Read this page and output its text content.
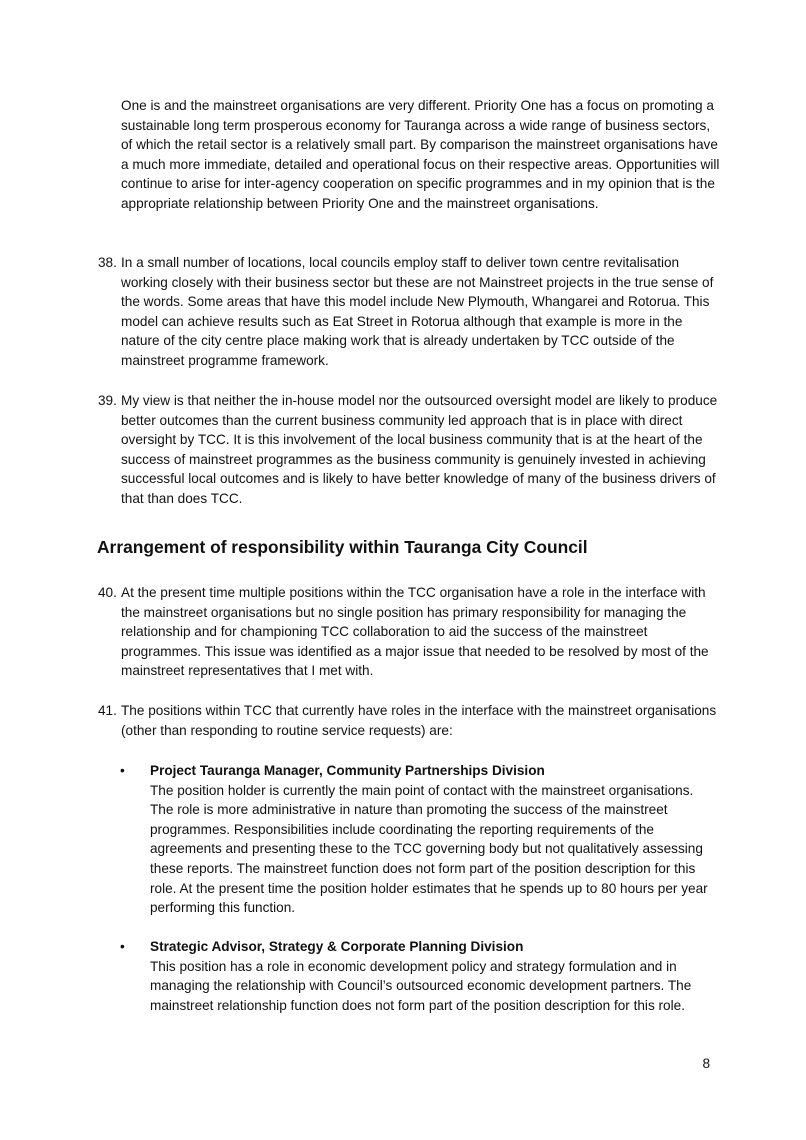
One is and the mainstreet organisations are very different. Priority One has a focus on promoting a sustainable long term prosperous economy for Tauranga across a wide range of business sectors, of which the retail sector is a relatively small part. By comparison the mainstreet organisations have a much more immediate, detailed and operational focus on their respective areas. Opportunities will continue to arise for inter-agency cooperation on specific programmes and in my opinion that is the appropriate relationship between Priority One and the mainstreet organisations.
38. In a small number of locations, local councils employ staff to deliver town centre revitalisation working closely with their business sector but these are not Mainstreet projects in the true sense of the words. Some areas that have this model include New Plymouth, Whangarei and Rotorua. This model can achieve results such as Eat Street in Rotorua although that example is more in the nature of the city centre place making work that is already undertaken by TCC outside of the mainstreet programme framework.
39. My view is that neither the in-house model nor the outsourced oversight model are likely to produce better outcomes than the current business community led approach that is in place with direct oversight by TCC. It is this involvement of the local business community that is at the heart of the success of mainstreet programmes as the business community is genuinely invested in achieving successful local outcomes and is likely to have better knowledge of many of the business drivers of that than does TCC.
Arrangement of responsibility within Tauranga City Council
40. At the present time multiple positions within the TCC organisation have a role in the interface with the mainstreet organisations but no single position has primary responsibility for managing the relationship and for championing TCC collaboration to aid the success of the mainstreet programmes. This issue was identified as a major issue that needed to be resolved by most of the mainstreet representatives that I met with.
41. The positions within TCC that currently have roles in the interface with the mainstreet organisations (other than responding to routine service requests) are:
•	Project Tauranga Manager, Community Partnerships Division
The position holder is currently the main point of contact with the mainstreet organisations. The role is more administrative in nature than promoting the success of the mainstreet programmes. Responsibilities include coordinating the reporting requirements of the agreements and presenting these to the TCC governing body but not qualitatively assessing these reports. The mainstreet function does not form part of the position description for this role. At the present time the position holder estimates that he spends up to 80 hours per year performing this function.
•	Strategic Advisor, Strategy & Corporate Planning Division
This position has a role in economic development policy and strategy formulation and in managing the relationship with Council’s outsourced economic development partners. The mainstreet relationship function does not form part of the position description for this role.
8
